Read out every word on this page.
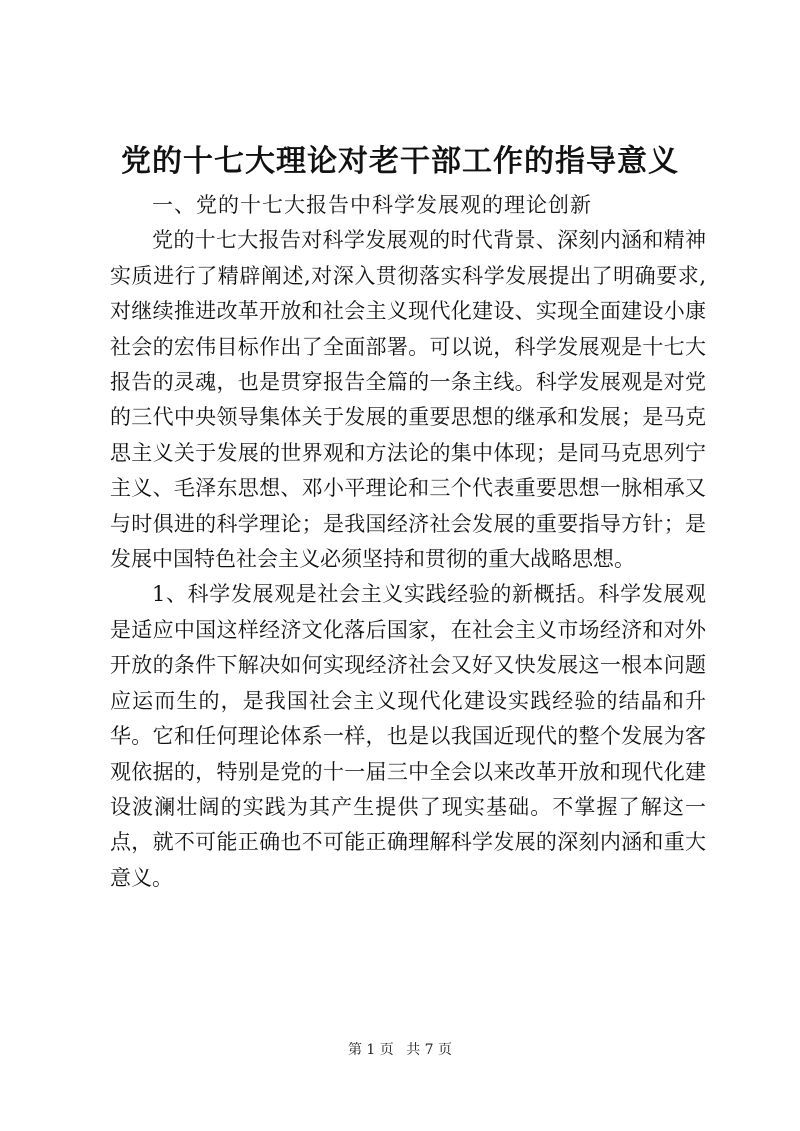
党的十七大理论对老干部工作的指导意义

一、党的十七大报告中科学发展观的理论创新

党的十七大报告对科学发展观的时代背景、深刻内涵和精神实质进行了精辟阐述,对深入贯彻落实科学发展提出了明确要求,对继续推进改革开放和社会主义现代化建设、实现全面建设小康社会的宏伟目标作出了全面部署。可以说，科学发展观是十七大报告的灵魂，也是贯穿报告全篇的一条主线。科学发展观是对党的三代中央领导集体关于发展的重要思想的继承和发展；是马克思主义关于发展的世界观和方法论的集中体现；是同马克思列宁主义、毛泽东思想、邓小平理论和三个代表重要思想一脉相承又与时俱进的科学理论；是我国经济社会发展的重要指导方针；是发展中国特色社会主义必须坚持和贯彻的重大战略思想。

1、科学发展观是社会主义实践经验的新概括。科学发展观是适应中国这样经济文化落后国家，在社会主义市场经济和对外开放的条件下解决如何实现经济社会又好又快发展这一根本问题应运而生的，是我国社会主义现代化建设实践经验的结晶和升华。它和任何理论体系一样，也是以我国近现代的整个发展为客观依据的，特别是党的十一届三中全会以来改革开放和现代化建设波澜壮阔的实践为其产生提供了现实基础。不掌握了解这一点，就不可能正确也不可能正确理解科学发展的深刻内涵和重大意义。

第 1 页 共 7 页
